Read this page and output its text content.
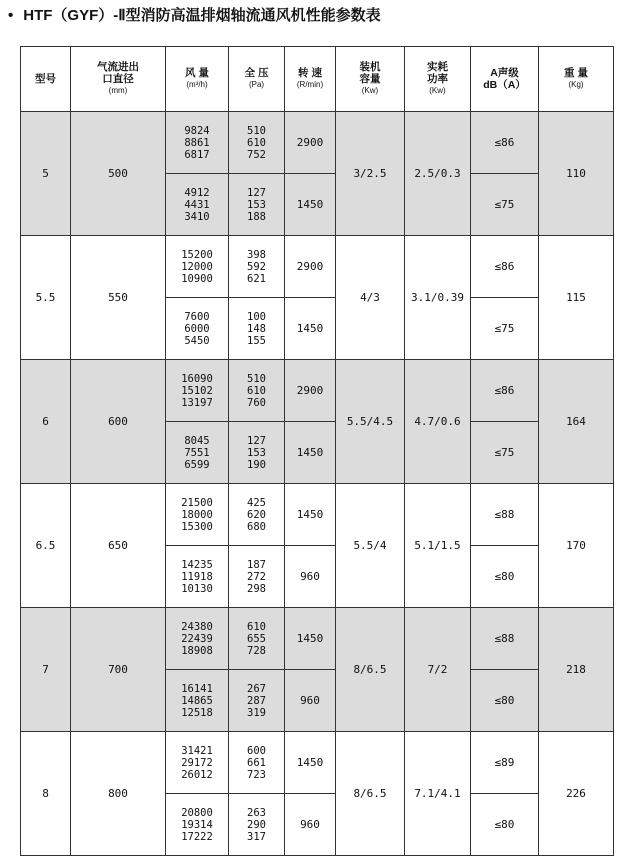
• HTF（GYF）-Ⅱ型消防高温排烟轴流通风机性能参数表
型号	气流进出
口直径
(mm)	风 量
(m³/h)	全 压
(Pa)	转 速
(R/min)	装机
容量
(Kw)	实耗
功率
(Kw)	A声级
dB（A）	重 量
(Kg)

5	500	9824
8861
6817	510
610
752	2900	3/2.5	2.5/0.3	≤86	110

		4912
4431
3410	127
153
188	1450			≤75	
5.5	550	15200
12000
10900	398
592
621	2900	4/3	3.1/0.39	≤86	115

		7600
6000
5450	100
148
155	1450			≤75	
6	600	16090
15102
13197	510
610
760	2900	5.5/4.5	4.7/0.6	≤86	164

		8045
7551
6599	127
153
190	1450			≤75	
6.5	650	21500
18000
15300	425
620
680	1450	5.5/4	5.1/1.5	≤88	170

		14235
11918
10130	187
272
298	960			≤80	
7	700	24380
22439
18908	610
655
728	1450	8/6.5	7/2	≤88	218

		16141
14865
12518	267
287
319	960			≤80	
8	800	31421
29172
26012	600
661
723	1450	8/6.5	7.1/4.1	≤89	226

		20800
19314
17222	263
290
317	960			≤80	
